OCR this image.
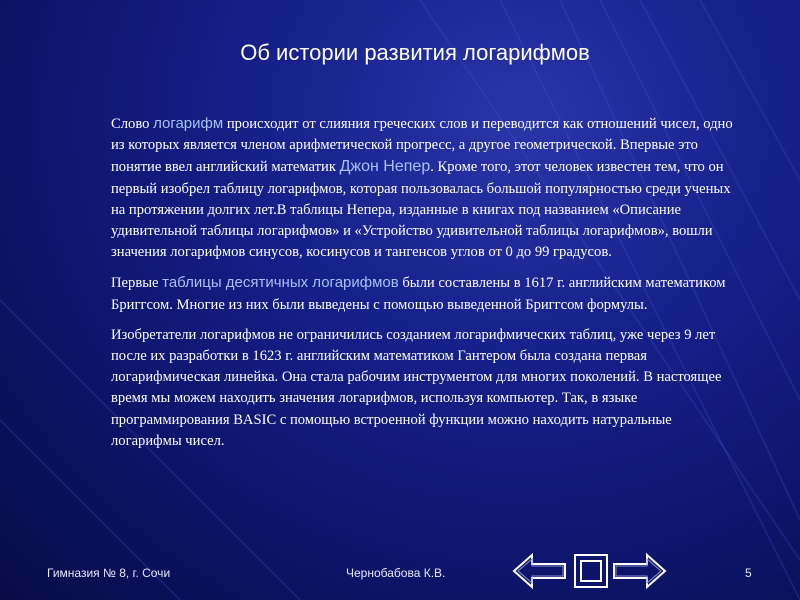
Об истории развития логарифмов

Слово логарифм происходит от слияния греческих слов и переводится как отношений чисел, одно из которых является членом арифметической прогресс, а другое геометрической. Впервые это понятие ввел английский математик Джон Непер. Кроме того, этот человек известен тем, что он первый изобрел таблицу логарифмов, которая пользовалась большой популярностью среди ученых на протяжении долгих лет.В таблицы Непера, изданные в книгах под названием «Описание удивительной таблицы логарифмов» и «Устройство удивительной таблицы логарифмов», вошли значения логарифмов синусов, косинусов и тангенсов углов от 0 до 99 градусов.

Первые таблицы десятичных логарифмов были составлены в 1617 г. английским математиком Бриггсом. Многие из них были выведены с помощью выведенной Бриггсом формулы.

Изобретатели логарифмов не ограничились созданием логарифмических таблиц, уже через 9 лет после их разработки в 1623 г. английским математиком Гантером была создана первая логарифмическая линейка. Она стала рабочим инструментом для многих поколений. В настоящее время мы можем находить значения логарифмов, используя компьютер. Так, в языке программирования BASIC с помощью встроенной функции можно находить натуральные логарифмы чисел.

Гимназия № 8, г. Сочи	Чернобабова К.В.	5
